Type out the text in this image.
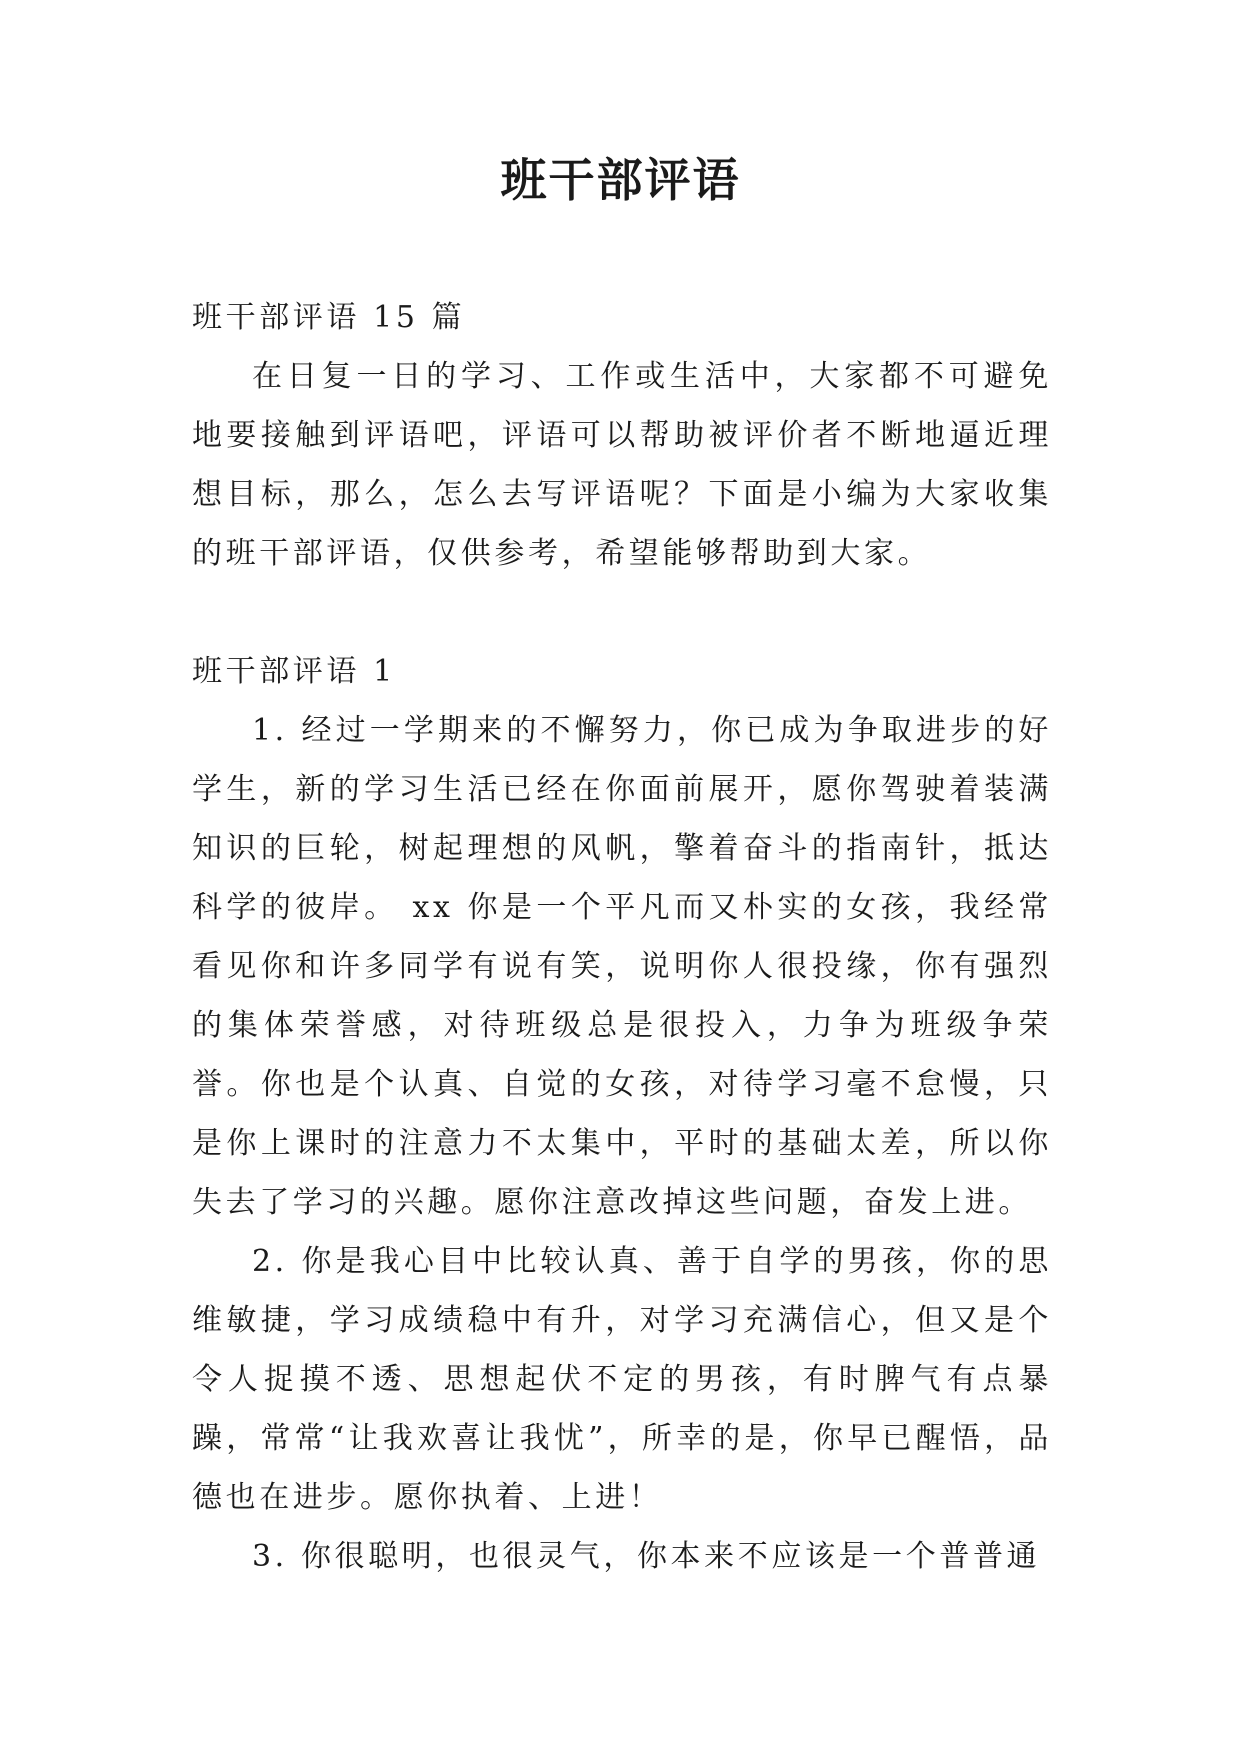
班干部评语

班干部评语 15 篇

在日复一日的学习、工作或生活中，大家都不可避免地要接触到评语吧，评语可以帮助被评价者不断地逼近理想目标，那么，怎么去写评语呢？下面是小编为大家收集的班干部评语，仅供参考，希望能够帮助到大家。

班干部评语 1

1. 经过一学期来的不懈努力，你已成为争取进步的好学生，新的学习生活已经在你面前展开，愿你驾驶着装满知识的巨轮，树起理想的风帆，擎着奋斗的指南针，抵达科学的彼岸。 xx 你是一个平凡而又朴实的女孩，我经常看见你和许多同学有说有笑，说明你人很投缘，你有强烈的集体荣誉感，对待班级总是很投入，力争为班级争荣誉。你也是个认真、自觉的女孩，对待学习毫不怠慢，只是你上课时的注意力不太集中，平时的基础太差，所以你失去了学习的兴趣。愿你注意改掉这些问题，奋发上进。

2. 你是我心目中比较认真、善于自学的男孩，你的思维敏捷，学习成绩稳中有升，对学习充满信心，但又是个令人捉摸不透、思想起伏不定的男孩，有时脾气有点暴躁，常常“让我欢喜让我忧”，所幸的是，你早已醒悟，品德也在进步。愿你执着、上进！

3. 你很聪明，也很灵气，你本来不应该是一个普普通
